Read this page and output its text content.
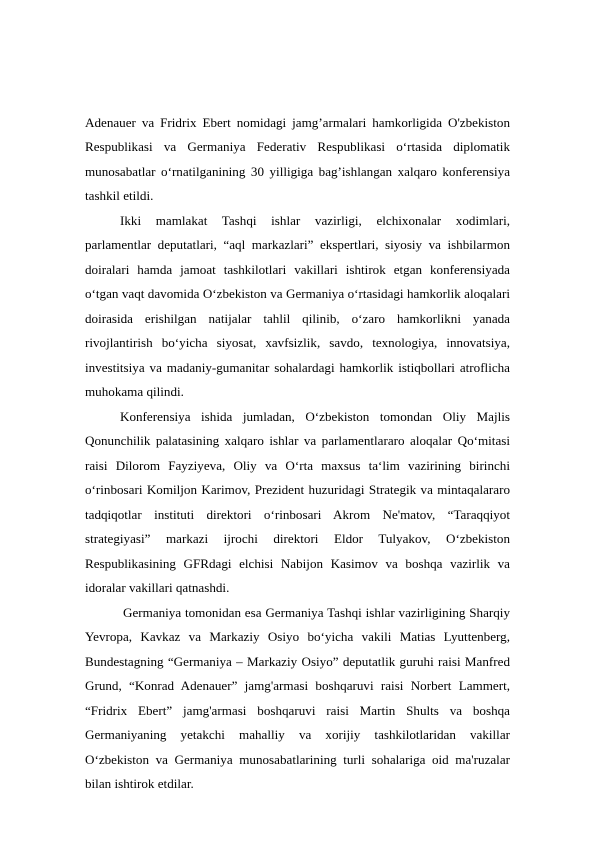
Adenauer va Fridrix Ebert nomidagi jamg’armalari hamkorligida O'zbekiston Respublikasi va Germaniya Federativ Respublikasi o‘rtasida diplomatik munosabatlar o‘rnatilganining 30 yilligiga bag’ishlangan xalqaro konferensiya tashkil etildi.

Ikki mamlakat Tashqi ishlar vazirligi, elchixonalar xodimlari, parlamentlar deputatlari, “aql markazlari” ekspertlari, siyosiy va ishbilarmon doiralari hamda jamoat tashkilotlari vakillari ishtirok etgan konferensiyada o‘tgan vaqt davomida O‘zbekiston va Germaniya o‘rtasidagi hamkorlik aloqalari doirasida erishilgan natijalar tahlil qilinib, o‘zaro hamkorlikni yanada rivojlantirish bo‘yicha siyosat, xavfsizlik, savdo, texnologiya, innovatsiya, investitsiya va madaniy-gumanitar sohalardagi hamkorlik istiqbollari atroflicha muhokama qilindi.

Konferensiya ishida jumladan, O‘zbekiston tomondan Oliy Majlis Qonunchilik palatasining xalqaro ishlar va parlamentlararo aloqalar Qo‘mitasi raisi Dilorom Fayziyeva, Oliy va O‘rta maxsus ta‘lim vazirining birinchi o‘rinbosari Komiljon Karimov, Prezident huzuridagi Strategik va mintaqalararo tadqiqotlar instituti direktori o‘rinbosari Akrom Ne'matov, “Taraqqiyot strategiyasi” markazi ijrochi direktori Eldor Tulyakov, O‘zbekiston Respublikasining GFRdagi elchisi Nabijon Kasimov va boshqa vazirlik va idoralar vakillari qatnashdi.

Germaniya tomonidan esa Germaniya Tashqi ishlar vazirligining Sharqiy Yevropa, Kavkaz va Markaziy Osiyo bo‘yicha vakili Matias Lyuttenberg, Bundestagning “Germaniya – Markaziy Osiyo” deputatlik guruhi raisi Manfred Grund, “Konrad Adenauer” jamg'armasi boshqaruvi raisi Norbert Lammert, “Fridrix Ebert” jamg'armasi boshqaruvi raisi Martin Shults va boshqa Germaniyaning yetakchi mahalliy va xorijiy tashkilotlaridan vakillar O‘zbekiston va Germaniya munosabatlarining turli sohalariga oid ma'ruzalar bilan ishtirok etdilar.
